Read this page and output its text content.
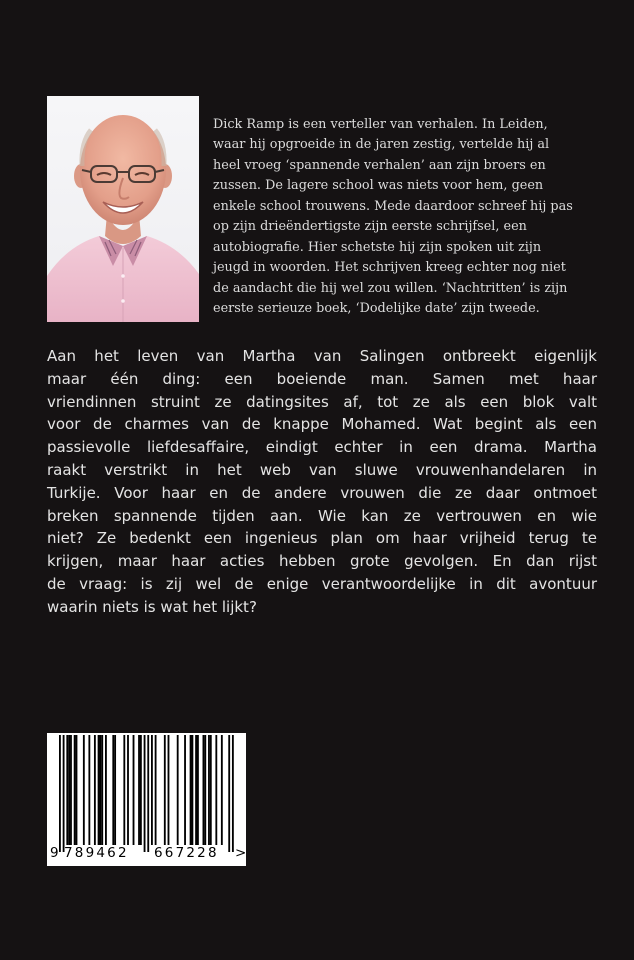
Dick Ramp is een verteller van verhalen. In Leiden,
waar hij opgroeide in de jaren zestig, vertelde hij al
heel vroeg ‘spannende verhalen’ aan zijn broers en
zussen. De lagere school was niets voor hem, geen
enkele school trouwens. Mede daardoor schreef hij pas
op zijn drieëndertigste zijn eerste schrijfsel, een
autobiografie. Hier schetste hij zijn spoken uit zijn
jeugd in woorden. Het schrijven kreeg echter nog niet
de aandacht die hij wel zou willen. ‘Nachtritten’ is zijn
eerste serieuze boek, ‘Dodelijke date’ zijn tweede.

Aan het leven van Martha van Salingen ontbreekt eigenlijk
maar één ding: een boeiende man. Samen met haar
vriendinnen struint ze datingsites af, tot ze als een blok valt
voor de charmes van de knappe Mohamed. Wat begint als een
passievolle liefdesaffaire, eindigt echter in een drama. Martha
raakt verstrikt in het web van sluwe vrouwenhandelaren in
Turkije. Voor haar en de andere vrouwen die ze daar ontmoet
breken spannende tijden aan. Wie kan ze vertrouwen en wie
niet? Ze bedenkt een ingenieus plan om haar vrijheid terug te
krijgen, maar haar acties hebben grote gevolgen. En dan rijst
de vraag: is zij wel de enige verantwoordelijke in dit avontuur
waarin niets is wat het lijkt?
9 789462 667228 >
